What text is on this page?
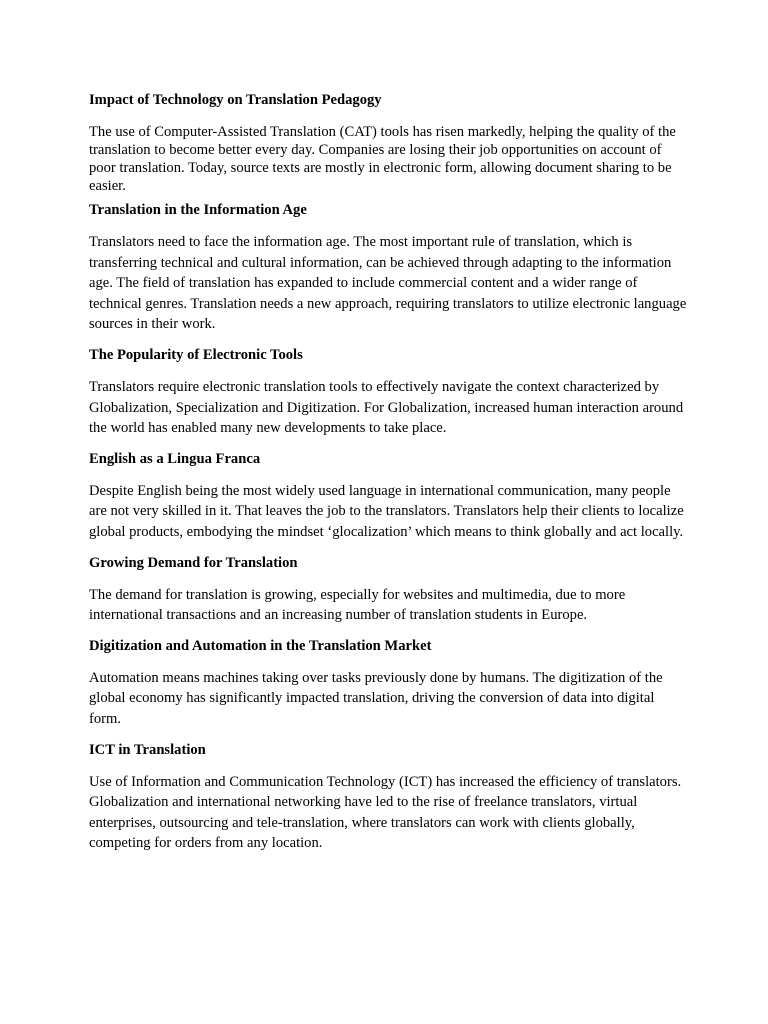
Impact of Technology on Translation Pedagogy

The use of Computer-Assisted Translation (CAT) tools has risen markedly, helping the quality of the translation to become better every day. Companies are losing their job opportunities on account of poor translation. Today, source texts are mostly in electronic form, allowing document sharing to be easier.

Translation in the Information Age

Translators need to face the information age. The most important rule of translation, which is transferring technical and cultural information, can be achieved through adapting to the information age. The field of translation has expanded to include commercial content and a wider range of technical genres. Translation needs a new approach, requiring translators to utilize electronic language sources in their work.

The Popularity of Electronic Tools

Translators require electronic translation tools to effectively navigate the context characterized by Globalization, Specialization and Digitization. For Globalization, increased human interaction around the world has enabled many new developments to take place.

English as a Lingua Franca

Despite English being the most widely used language in international communication, many people are not very skilled in it. That leaves the job to the translators. Translators help their clients to localize global products, embodying the mindset ‘glocalization’ which means to think globally and act locally.

Growing Demand for Translation

The demand for translation is growing, especially for websites and multimedia, due to more international transactions and an increasing number of translation students in Europe.

Digitization and Automation in the Translation Market

Automation means machines taking over tasks previously done by humans. The digitization of the global economy has significantly impacted translation, driving the conversion of data into digital form.

ICT in Translation

Use of Information and Communication Technology (ICT) has increased the efficiency of translators. Globalization and international networking have led to the rise of freelance translators, virtual enterprises, outsourcing and tele-translation, where translators can work with clients globally, competing for orders from any location.
